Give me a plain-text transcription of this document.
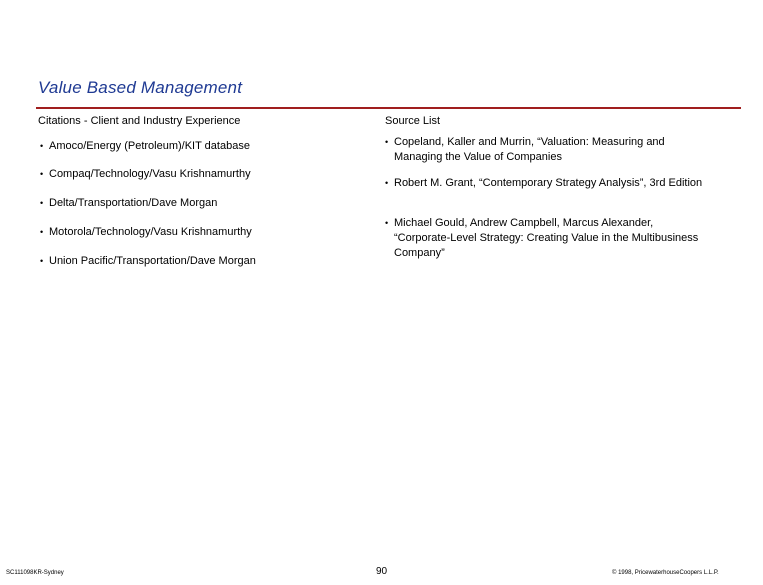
Value Based Management
Citations - Client and Industry Experience
• Amoco/Energy (Petroleum)/KIT database
• Compaq/Technology/Vasu Krishnamurthy
• Delta/Transportation/Dave Morgan
• Motorola/Technology/Vasu Krishnamurthy
• Union Pacific/Transportation/Dave Morgan
Source List
• Copeland, Kaller and Murrin, “Valuation: Measuring and Managing the Value of Companies
• Robert M. Grant, “Contemporary Strategy Analysis”, 3rd Edition
• Michael Gould, Andrew Campbell, Marcus Alexander, “Corporate-Level Strategy: Creating Value in the Multibusiness Company”
SC111098KR-Sydney	90	© 1998, PricewaterhouseCoopers L.L.P.
